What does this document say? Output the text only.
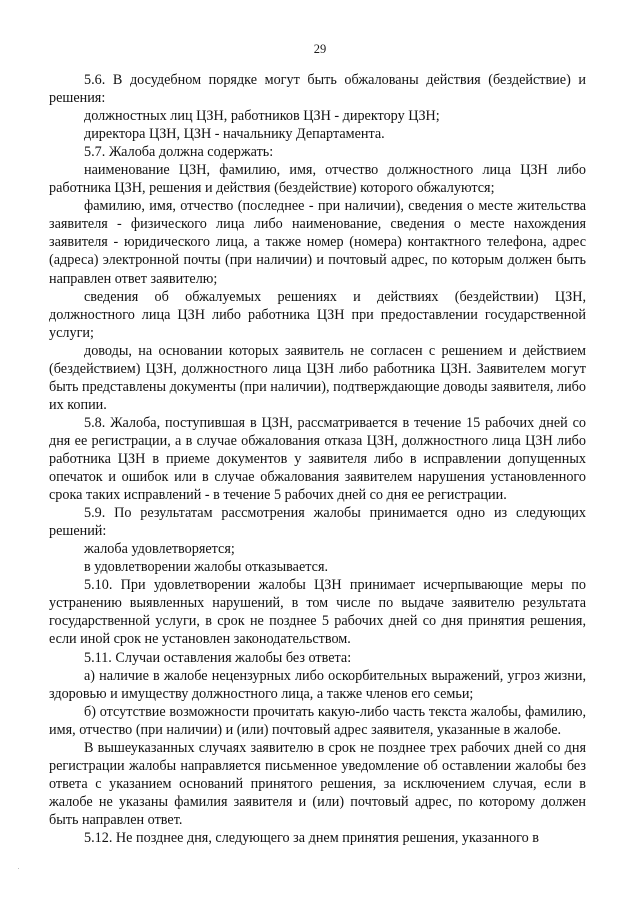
29

5.6. В досудебном порядке могут быть обжалованы действия (бездействие) и решения:

должностных лиц ЦЗН, работников ЦЗН - директору ЦЗН;

директора ЦЗН, ЦЗН - начальнику Департамента.

5.7. Жалоба должна содержать:

наименование ЦЗН, фамилию, имя, отчество должностного лица ЦЗН либо работника ЦЗН, решения и действия (бездействие) которого обжалуются;

фамилию, имя, отчество (последнее - при наличии), сведения о месте жительства заявителя - физического лица либо наименование, сведения о месте нахождения заявителя - юридического лица, а также номер (номера) контактного телефона, адрес (адреса) электронной почты (при наличии) и почтовый адрес, по которым должен быть направлен ответ заявителю;

сведения об обжалуемых решениях и действиях (бездействии) ЦЗН, должностного лица ЦЗН либо работника ЦЗН при предоставлении государственной услуги;

доводы, на основании которых заявитель не согласен с решением и действием (бездействием) ЦЗН, должностного лица ЦЗН либо работника ЦЗН. Заявителем могут быть представлены документы (при наличии), подтверждающие доводы заявителя, либо их копии.

5.8. Жалоба, поступившая в ЦЗН, рассматривается в течение 15 рабочих дней со дня ее регистрации, а в случае обжалования отказа ЦЗН, должностного лица ЦЗН либо работника ЦЗН в приеме документов у заявителя либо в исправлении допущенных опечаток и ошибок или в случае обжалования заявителем нарушения установленного срока таких исправлений - в течение 5 рабочих дней со дня ее регистрации.

5.9. По результатам рассмотрения жалобы принимается одно из следующих решений:

жалоба удовлетворяется;

в удовлетворении жалобы отказывается.

5.10. При удовлетворении жалобы ЦЗН принимает исчерпывающие меры по устранению выявленных нарушений, в том числе по выдаче заявителю результата государственной услуги, в срок не позднее 5 рабочих дней со дня принятия решения, если иной срок не установлен законодательством.

5.11. Случаи оставления жалобы без ответа:

а) наличие в жалобе нецензурных либо оскорбительных выражений, угроз жизни, здоровью и имуществу должностного лица, а также членов его семьи;

б) отсутствие возможности прочитать какую-либо часть текста жалобы, фамилию, имя, отчество (при наличии) и (или) почтовый адрес заявителя, указанные в жалобе.

В вышеуказанных случаях заявителю в срок не позднее трех рабочих дней со дня регистрации жалобы направляется письменное уведомление об оставлении жалобы без ответа с указанием оснований принятого решения, за исключением случая, если в жалобе не указаны фамилия заявителя и (или) почтовый адрес, по которому должен быть направлен ответ.

5.12. Не позднее дня, следующего за днем принятия решения, указанного в
